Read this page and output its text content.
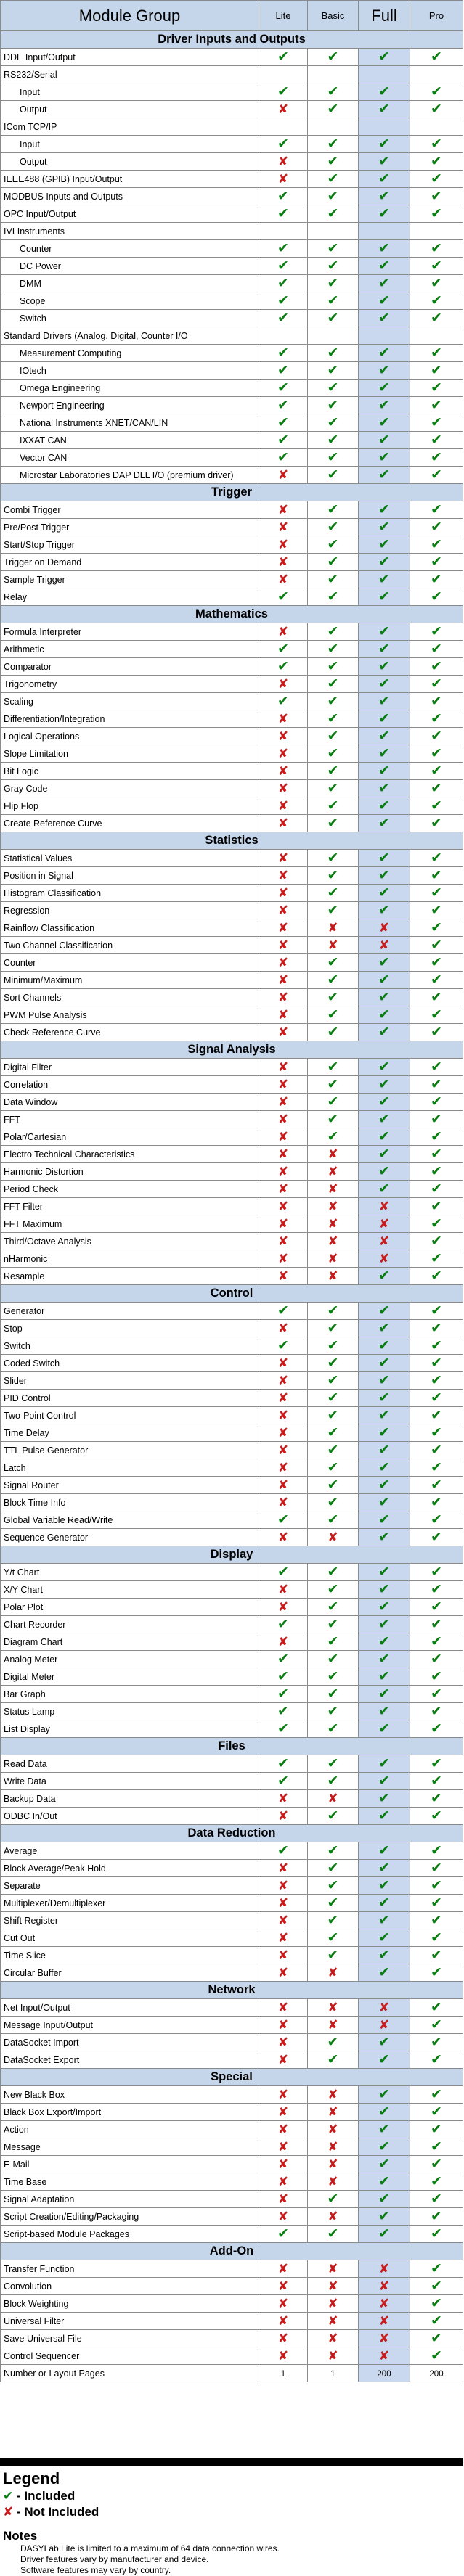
Module Group	Lite	Basic	Full	Pro
Driver Inputs and Outputs				
DDE Input/Output	✔	✔	✔	✔
RS232/Serial				
Input	✔	✔	✔	✔
Output	✘	✔	✔	✔
ICom TCP/IP				
Input	✔	✔	✔	✔
Output	✘	✔	✔	✔
IEEE488 (GPIB) Input/Output	✘	✔	✔	✔
MODBUS Inputs and Outputs	✔	✔	✔	✔
OPC Input/Output	✔	✔	✔	✔
IVI Instruments				
Counter	✔	✔	✔	✔
DC Power	✔	✔	✔	✔
DMM	✔	✔	✔	✔
Scope	✔	✔	✔	✔
Switch	✔	✔	✔	✔
Standard Drivers (Analog, Digital, Counter I/O				
Measurement Computing	✔	✔	✔	✔
IOtech	✔	✔	✔	✔
Omega Engineering	✔	✔	✔	✔
Newport Engineering	✔	✔	✔	✔
National Instruments XNET/CAN/LIN	✔	✔	✔	✔
IXXAT CAN	✔	✔	✔	✔
Vector CAN	✔	✔	✔	✔
Microstar Laboratories DAP DLL I/O (premium driver)	✘	✔	✔	✔
Trigger				
Combi Trigger	✘	✔	✔	✔
Pre/Post Trigger	✘	✔	✔	✔
Start/Stop Trigger	✘	✔	✔	✔
Trigger on Demand	✘	✔	✔	✔
Sample Trigger	✘	✔	✔	✔
Relay	✔	✔	✔	✔
Mathematics				
Formula Interpreter	✘	✔	✔	✔
Arithmetic	✔	✔	✔	✔
Comparator	✔	✔	✔	✔
Trigonometry	✘	✔	✔	✔
Scaling	✔	✔	✔	✔
Differentiation/Integration	✘	✔	✔	✔
Logical Operations	✘	✔	✔	✔
Slope Limitation	✘	✔	✔	✔
Bit Logic	✘	✔	✔	✔
Gray Code	✘	✔	✔	✔
Flip Flop	✘	✔	✔	✔
Create Reference Curve	✘	✔	✔	✔
Statistics				
Statistical Values	✘	✔	✔	✔
Position in Signal	✘	✔	✔	✔
Histogram Classification	✘	✔	✔	✔
Regression	✘	✔	✔	✔
Rainflow Classification	✘	✘	✘	✔
Two Channel Classification	✘	✘	✘	✔
Counter	✘	✔	✔	✔
Minimum/Maximum	✘	✔	✔	✔
Sort Channels	✘	✔	✔	✔
PWM Pulse Analysis	✘	✔	✔	✔
Check Reference Curve	✘	✔	✔	✔
Signal Analysis				
Digital Filter	✘	✔	✔	✔
Correlation	✘	✔	✔	✔
Data Window	✘	✔	✔	✔
FFT	✘	✔	✔	✔
Polar/Cartesian	✘	✔	✔	✔
Electro Technical Characteristics	✘	✘	✔	✔
Harmonic Distortion	✘	✘	✔	✔
Period Check	✘	✘	✔	✔
FFT Filter	✘	✘	✘	✔
FFT Maximum	✘	✘	✘	✔
Third/Octave Analysis	✘	✘	✘	✔
nHarmonic	✘	✘	✘	✔
Resample	✘	✘	✔	✔
Control				
Generator	✔	✔	✔	✔
Stop	✘	✔	✔	✔
Switch	✔	✔	✔	✔
Coded Switch	✘	✔	✔	✔
Slider	✘	✔	✔	✔
PID Control	✘	✔	✔	✔
Two-Point Control	✘	✔	✔	✔
Time Delay	✘	✔	✔	✔
TTL Pulse Generator	✘	✔	✔	✔
Latch	✘	✔	✔	✔
Signal Router	✘	✔	✔	✔
Block Time Info	✘	✔	✔	✔
Global Variable Read/Write	✔	✔	✔	✔
Sequence Generator	✘	✘	✔	✔
Display				
Y/t Chart	✔	✔	✔	✔
X/Y Chart	✘	✔	✔	✔
Polar Plot	✘	✔	✔	✔
Chart Recorder	✔	✔	✔	✔
Diagram Chart	✘	✔	✔	✔
Analog Meter	✔	✔	✔	✔
Digital Meter	✔	✔	✔	✔
Bar Graph	✔	✔	✔	✔
Status Lamp	✔	✔	✔	✔
List Display	✔	✔	✔	✔
Files				
Read Data	✔	✔	✔	✔
Write Data	✔	✔	✔	✔
Backup Data	✘	✘	✔	✔
ODBC In/Out	✘	✔	✔	✔
Data Reduction				
Average	✔	✔	✔	✔
Block Average/Peak Hold	✘	✔	✔	✔
Separate	✘	✔	✔	✔
Multiplexer/Demultiplexer	✘	✔	✔	✔
Shift Register	✘	✔	✔	✔
Cut Out	✘	✔	✔	✔
Time Slice	✘	✔	✔	✔
Circular Buffer	✘	✘	✔	✔
Network				
Net Input/Output	✘	✘	✘	✔
Message Input/Output	✘	✘	✘	✔
DataSocket Import	✘	✔	✔	✔
DataSocket Export	✘	✔	✔	✔
Special				
New Black Box	✘	✘	✔	✔
Black Box Export/Import	✘	✘	✔	✔
Action	✘	✘	✔	✔
Message	✘	✘	✔	✔
E-Mail	✘	✘	✔	✔
Time Base	✘	✘	✔	✔
Signal Adaptation	✘	✔	✔	✔
Script Creation/Editing/Packaging	✘	✘	✔	✔
Script-based Module Packages	✔	✔	✔	✔
Add-On				
Transfer Function	✘	✘	✘	✔
Convolution	✘	✘	✘	✔
Block Weighting	✘	✘	✘	✔
Universal Filter	✘	✘	✘	✔
Save Universal File	✘	✘	✘	✔
Control Sequencer	✘	✘	✘	✔
Number or Layout Pages	1	1	200	200
Legend
✔ - Included
✘ - Not Included
Notes
DASYLab Lite is limited to a maximum of 64 data connection wires.
Driver features vary by manufacturer and device.
Software features may vary by country.
